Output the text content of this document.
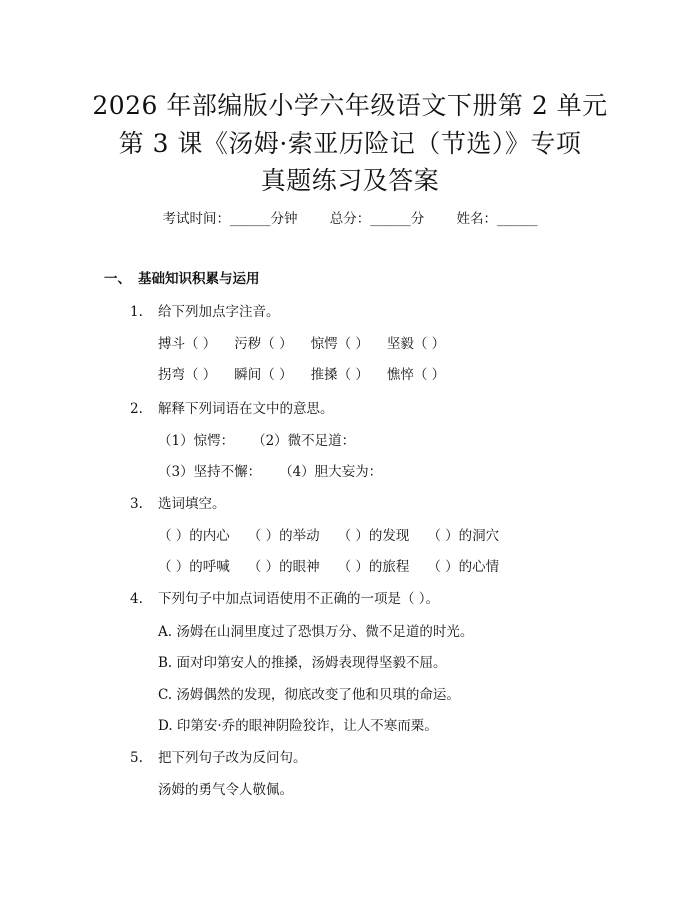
2026 年部编版小学六年级语文下册第 2 单元
第 3 课《汤姆·索亚历险记（节选）》专项
真题练习及答案
考试时间：______分钟 总分：______分 姓名：______
一、 基础知识积累与运用
1. 给下列加点字注音。
搏斗（ ） 污秽（ ） 惊愕（ ） 坚毅（ ）
拐弯（ ） 瞬间（ ） 推搡（ ） 憔悴（ ）
2. 解释下列词语在文中的意思。
（1）惊愕： （2）微不足道：
（3）坚持不懈： （4）胆大妄为：
3. 选词填空。
（ ）的内心 （ ）的举动 （ ）的发现 （ ）的洞穴
（ ）的呼喊 （ ）的眼神 （ ）的旅程 （ ）的心情
4. 下列句子中加点词语使用不正确的一项是（ ）。
A. 汤姆在山洞里度过了恐惧万分、微不足道的时光。
B. 面对印第安人的推搡，汤姆表现得坚毅不屈。
C. 汤姆偶然的发现，彻底改变了他和贝琪的命运。
D. 印第安·乔的眼神阴险狡诈，让人不寒而栗。
5. 把下列句子改为反问句。
汤姆的勇气令人敬佩。
